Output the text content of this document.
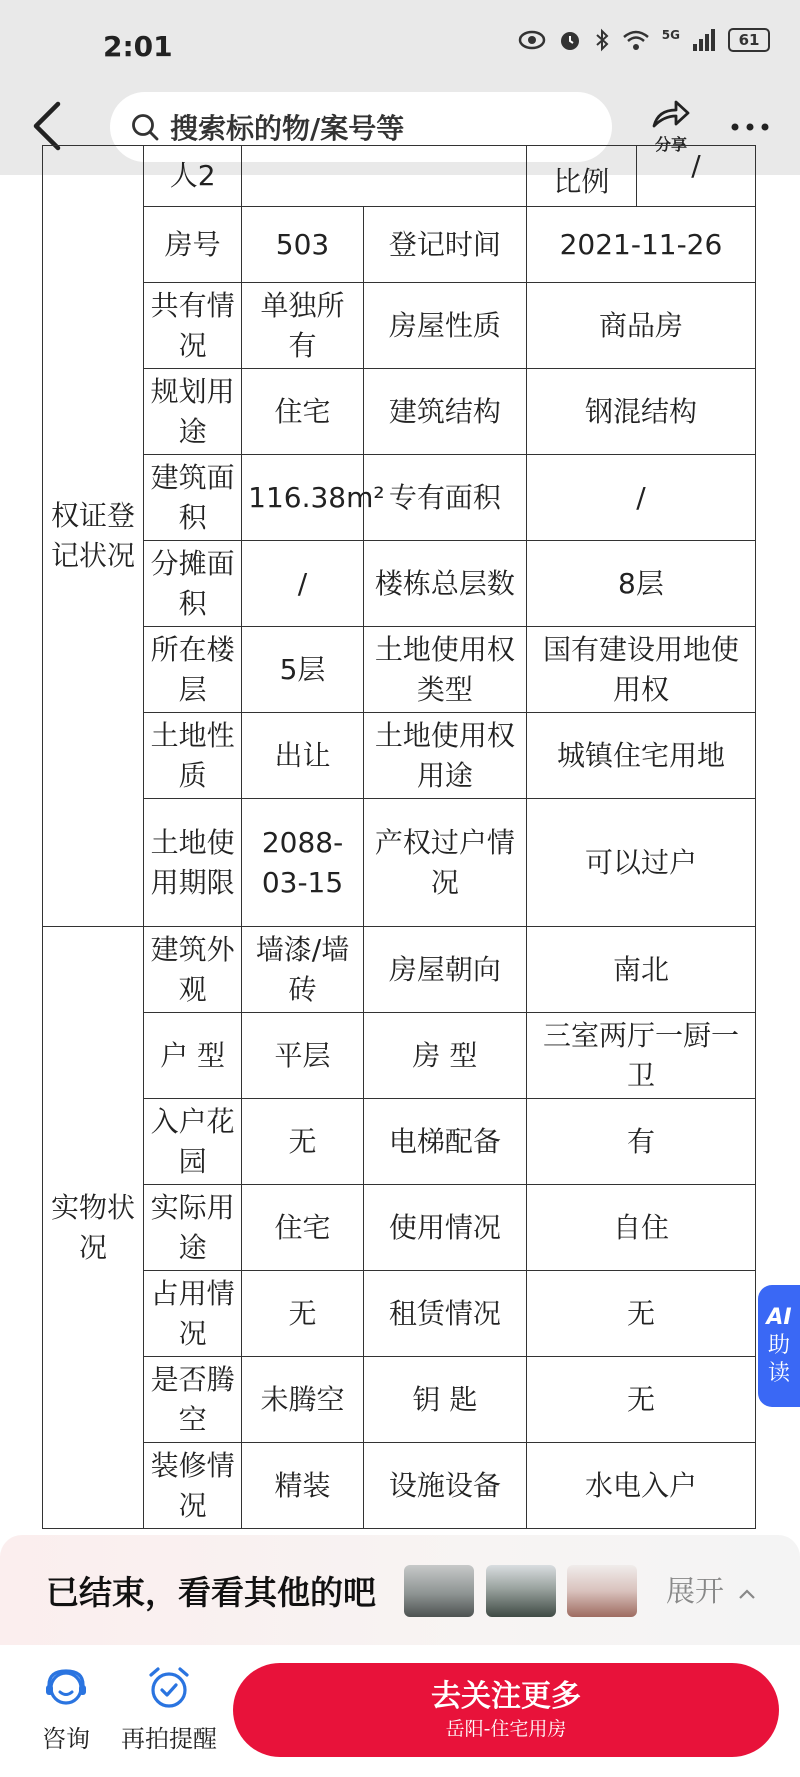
2:01	5G	61
搜索标的物/案号等	分享
权证登记状况	人2			比例 /

	房号	503	登记时间	2021-11-26
	共有情况	单独所有	房屋性质	商品房
	规划用途	住宅	建筑结构	钢混结构
	建筑面积	116.38m²	专有面积	/
	分摊面积	/	楼栋总层数	8层
	所在楼层	5层	土地使用权类型	国有建设用地使用权
	土地性质	出让	土地使用权用途	城镇住宅用地
	土地使用期限	2088-03-15	产权过户情况	可以过户
实物状况	建筑外观	墙漆/墙砖	房屋朝向	南北
	户 型	平层	房 型	三室两厅一厨一卫
	入户花园	无	电梯配备	有
	实际用途	住宅	使用情况	自住
	占用情况	无	租赁情况	无
	是否腾空	未腾空	钥 匙	无
	装修情况	精装	设施设备	水电入户
AI
助
读
已结束，看看其他的吧	展开
咨询 再拍提醒
去关注更多
岳阳-住宅用房
